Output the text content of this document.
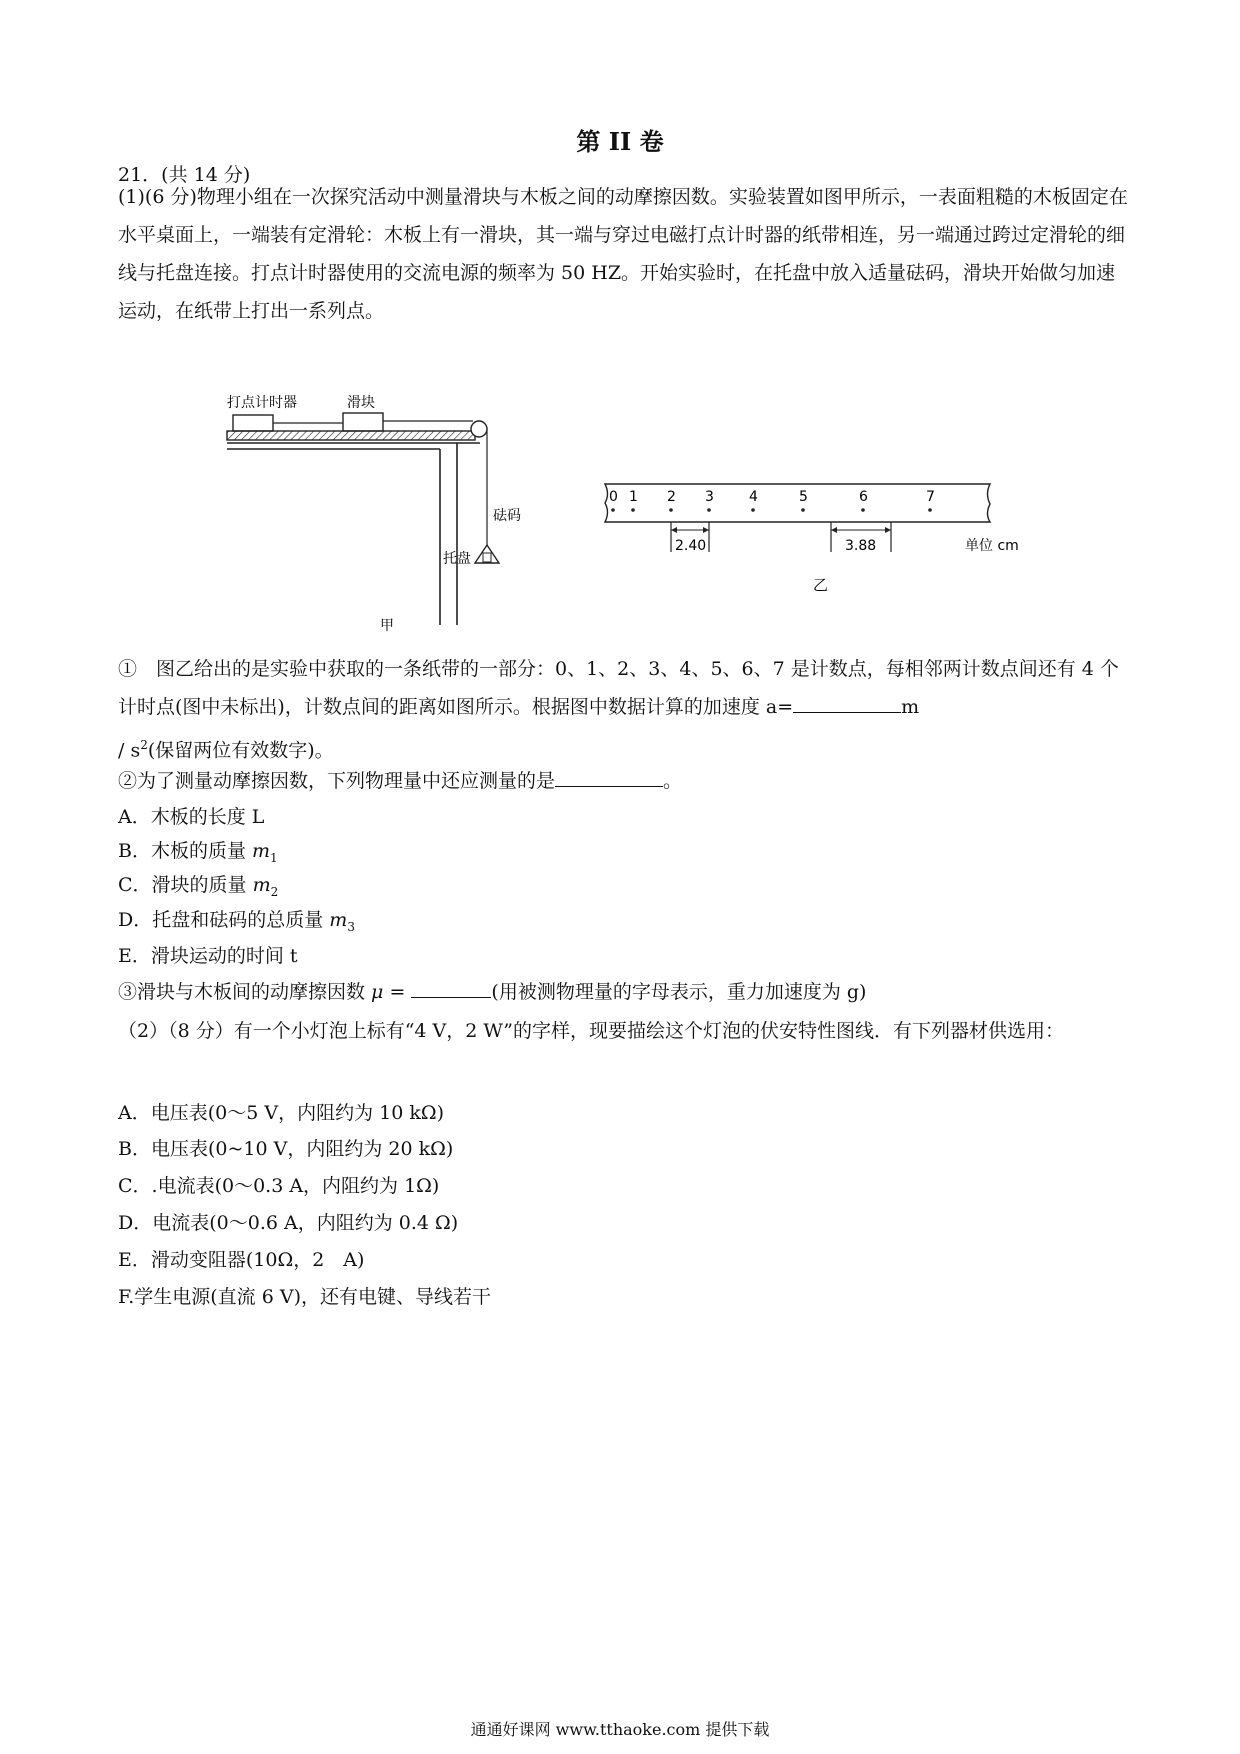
第 II 卷
21．(共 14 分)
(1)(6 分)物理小组在一次探究活动中测量滑块与木板之间的动摩擦因数。实验装置如图甲所示，一表面粗糙的木板固定在水平桌面上，一端装有定滑轮：木板上有一滑块，其一端与穿过电磁打点计时器的纸带相连，另一端通过跨过定滑轮的细线与托盘连接。打点计时器使用的交流电源的频率为 50 HZ。开始实验时，在托盘中放入适量砝码，滑块开始做匀加速运动，在纸带上打出一系列点。
打点计时器	滑块
砝码
托盘
甲
0 1 2 3	4	5	6	7
2.40	3.88	单位 cm
乙
①　图乙给出的是实验中获取的一条纸带的一部分：0、1、2、3、4、5、6、7 是计数点，每相邻两计数点间还有 4 个计时点(图中未标出)，计数点间的距离如图所示。根据图中数据计算的加速度 a=	m
/ $s^2$(保留两位有效数字)。
②为了测量动摩擦因数，下列物理量中还应测量的是	。
A．木板的长度 L
B．木板的质量 $m_1$
C．滑块的质量 $m_2$
D．托盘和砝码的总质量 $m_3$
E．滑块运动的时间 t
③滑块与木板间的动摩擦因数 μ =	(用被测物理量的字母表示，重力加速度为 g)
（2）（8 分）有一个小灯泡上标有“4 V，2 W”的字样，现要描绘这个灯泡的伏安特性图线．有下列器材供选用：
A．电压表(0～5 V，内阻约为 10 kΩ)
B．电压表(0~10 V，内阻约为 20 kΩ)
C．.电流表(0～0.3 A，内阻约为 1Ω)
D．电流表(0～0.6 A，内阻约为 0.4 Ω)
E．滑动变阻器(10Ω，2　A)
F.学生电源(直流 6 V)，还有电键、导线若干
通通好课网 www.tthaoke.com 提供下载
